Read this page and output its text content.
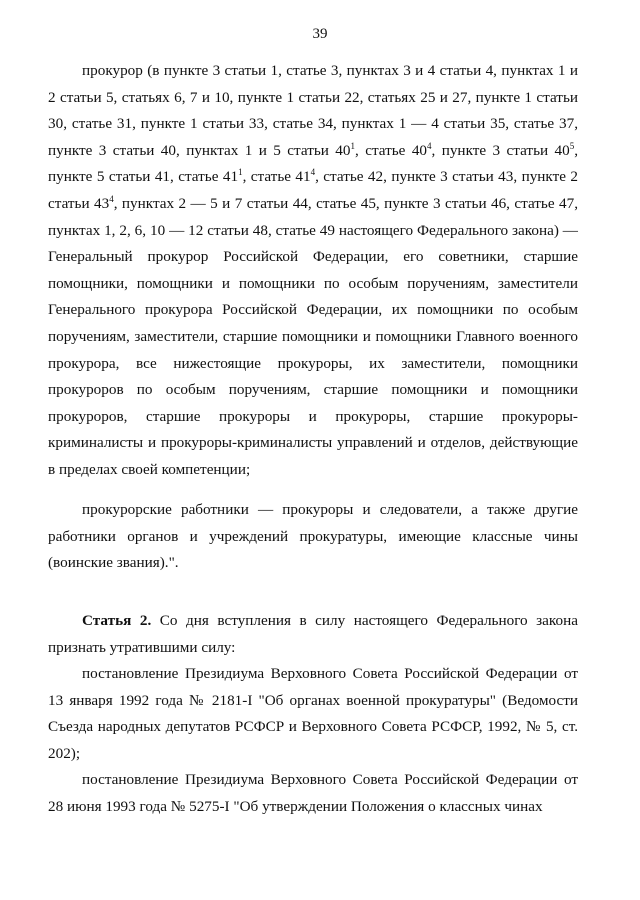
39
прокурор (в пункте 3 статьи 1, статье 3, пунктах 3 и 4 статьи 4, пунктах 1 и 2 статьи 5, статьях 6, 7 и 10, пункте 1 статьи 22, статьях 25 и 27, пункте 1 статьи 30, статье 31, пункте 1 статьи 33, статье 34, пунктах 1 — 4 статьи 35, статье 37, пункте 3 статьи 40, пунктах 1 и 5 статьи $40^1$, статье $40^4$, пункте 3 статьи $40^5$, пункте 5 статьи 41, статье $41^1$, статье $41^4$, статье 42, пункте 3 статьи 43, пункте 2 статьи $43^4$, пунктах 2 — 5 и 7 статьи 44, статье 45, пункте 3 статьи 46, статье 47, пунктах 1, 2, 6, 10 — 12 статьи 48, статье 49 настоящего Федерального закона) — Генеральный прокурор Российской Федерации, его советники, старшие помощники, помощники и помощники по особым поручениям, заместители Генерального прокурора Российской Федерации, их помощники по особым поручениям, заместители, старшие помощники и помощники Главного военного прокурора, все нижестоящие прокуроры, их заместители, помощники прокуроров по особым поручениям, старшие помощники и помощники прокуроров, старшие прокуроры и прокуроры, старшие прокуроры-криминалисты и прокуроры-криминалисты управлений и отделов, действующие в пределах своей компетенции;
прокурорские работники — прокуроры и следователи, а также другие работники органов и учреждений прокуратуры, имеющие классные чины (воинские звания).".
Статья 2. Со дня вступления в силу настоящего Федерального закона признать утратившими силу:
постановление Президиума Верховного Совета Российской Федерации от 13 января 1992 года № 2181-I "Об органах военной прокуратуры" (Ведомости Съезда народных депутатов РСФСР и Верховного Совета РСФСР, 1992, № 5, ст. 202);
постановление Президиума Верховного Совета Российской Федерации от 28 июня 1993 года № 5275-I "Об утверждении Положения о классных чинах
